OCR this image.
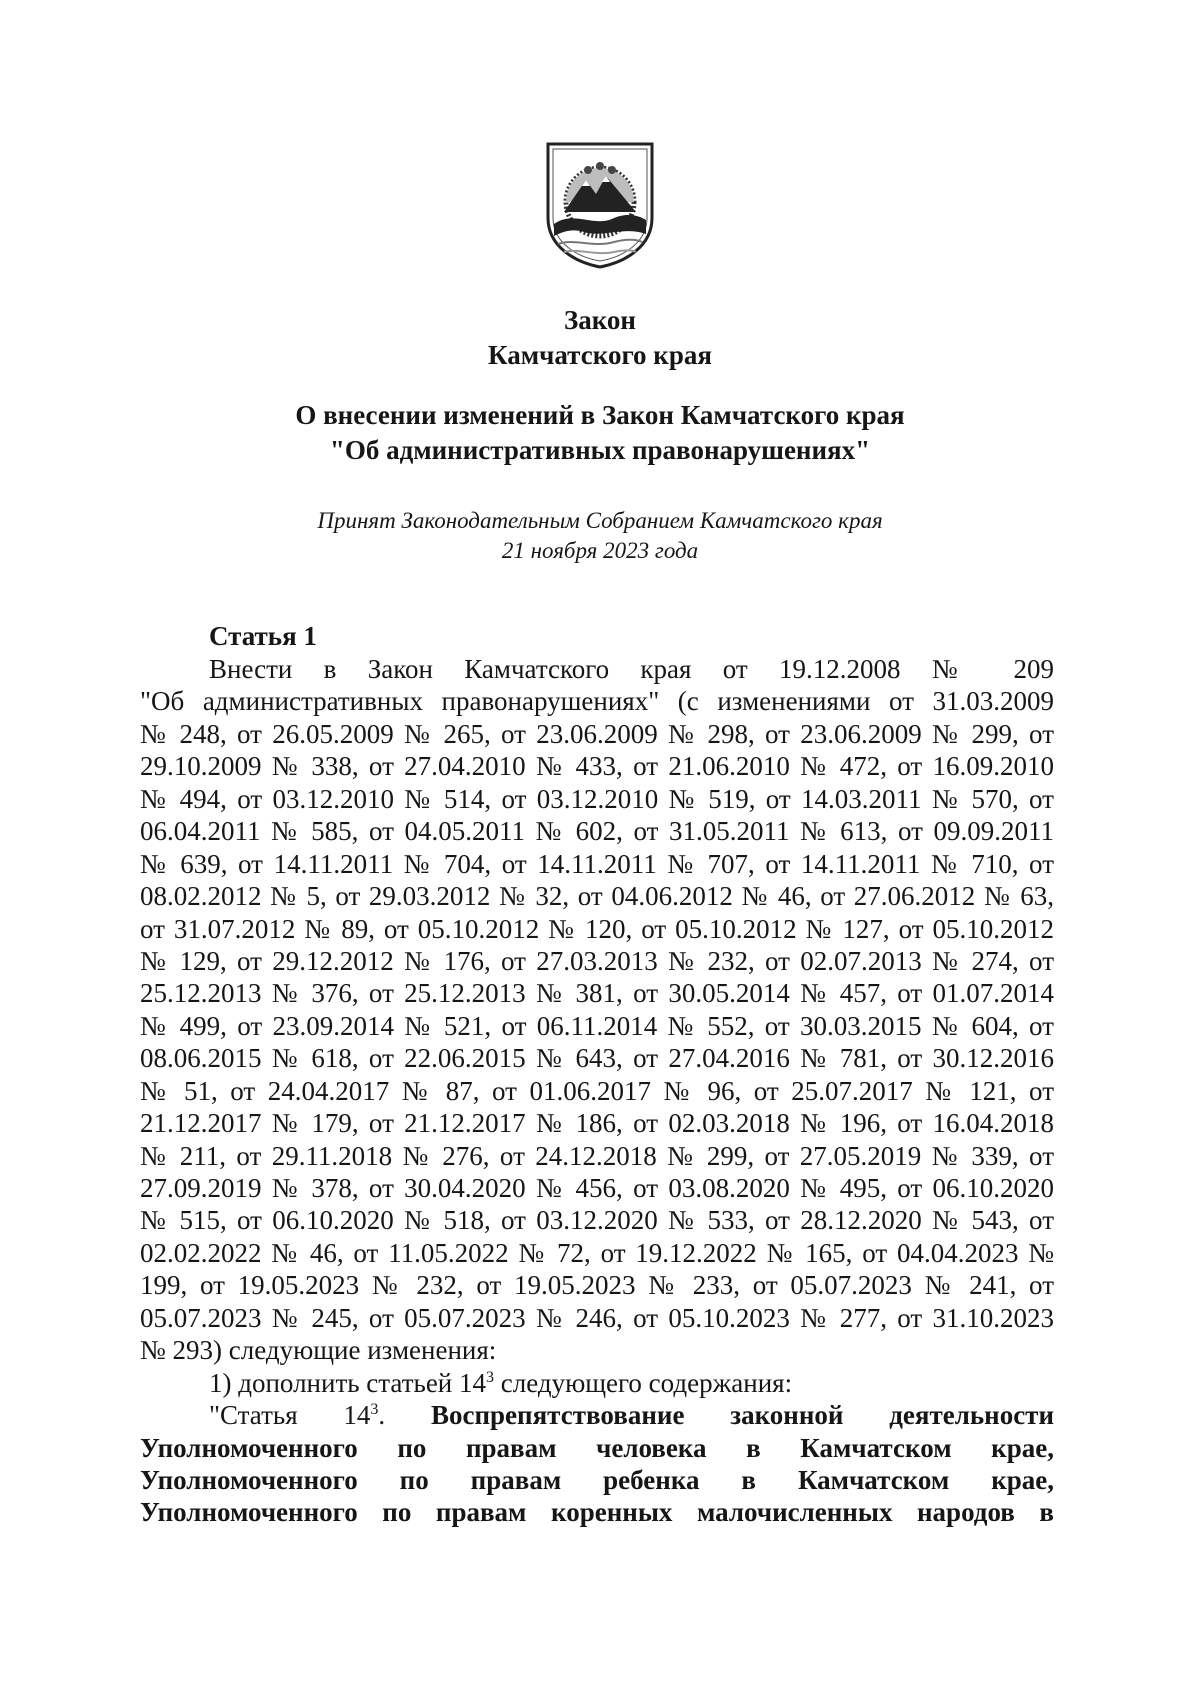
Закон
Камчатского края
О внесении изменений в Закон Камчатского края
"Об административных правонарушениях"
Принят Законодательным Собранием Камчатского края
21 ноября 2023 года
Статья 1
Внести в Закон Камчатского края от 19.12.2008 № 209
"Об административных правонарушениях" (с изменениями от 31.03.2009
№ 248, от 26.05.2009 № 265, от 23.06.2009 № 298, от 23.06.2009 № 299, от
29.10.2009 № 338, от 27.04.2010 № 433, от 21.06.2010 № 472, от 16.09.2010
№ 494, от 03.12.2010 № 514, от 03.12.2010 № 519, от 14.03.2011 № 570, от
06.04.2011 № 585, от 04.05.2011 № 602, от 31.05.2011 № 613, от 09.09.2011
№ 639, от 14.11.2011 № 704, от 14.11.2011 № 707, от 14.11.2011 № 710, от
08.02.2012 № 5, от 29.03.2012 № 32, от 04.06.2012 № 46, от 27.06.2012 № 63,
от 31.07.2012 № 89, от 05.10.2012 № 120, от 05.10.2012 № 127, от 05.10.2012
№ 129, от 29.12.2012 № 176, от 27.03.2013 № 232, от 02.07.2013 № 274, от
25.12.2013 № 376, от 25.12.2013 № 381, от 30.05.2014 № 457, от 01.07.2014
№ 499, от 23.09.2014 № 521, от 06.11.2014 № 552, от 30.03.2015 № 604, от
08.06.2015 № 618, от 22.06.2015 № 643, от 27.04.2016 № 781, от 30.12.2016
№ 51, от 24.04.2017 № 87, от 01.06.2017 № 96, от 25.07.2017 № 121, от
21.12.2017 № 179, от 21.12.2017 № 186, от 02.03.2018 № 196, от 16.04.2018
№ 211, от 29.11.2018 № 276, от 24.12.2018 № 299, от 27.05.2019 № 339, от
27.09.2019 № 378, от 30.04.2020 № 456, от 03.08.2020 № 495, от 06.10.2020
№ 515, от 06.10.2020 № 518, от 03.12.2020 № 533, от 28.12.2020 № 543, от
02.02.2022 № 46, от 11.05.2022 № 72, от 19.12.2022 № 165, от 04.04.2023 №
199, от 19.05.2023 № 232, от 19.05.2023 № 233, от 05.07.2023 № 241, от
05.07.2023 № 245, от 05.07.2023 № 246, от 05.10.2023 № 277, от 31.10.2023
№ 293) следующие изменения:
1) дополнить статьей $14^3$ следующего содержания:
"Статья $14^3$. Воспрепятствование законной деятельности
Уполномоченного по правам человека в Камчатском крае,
Уполномоченного по правам ребенка в Камчатском крае,
Уполномоченного по правам коренных малочисленных народов в
